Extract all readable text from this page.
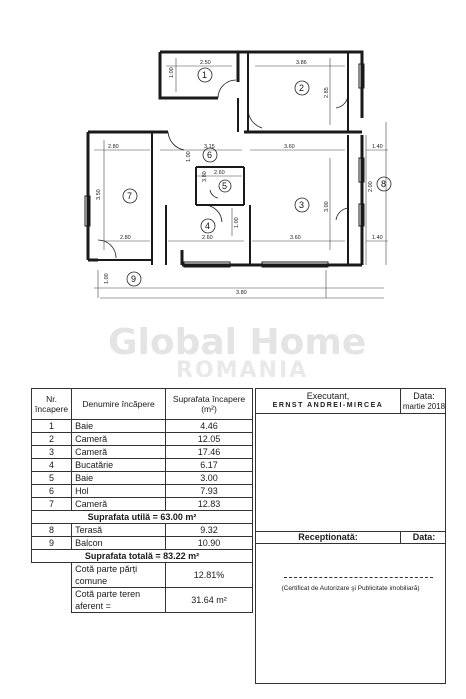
2.50	3.86
1.00
2.85
2.80	3.15	3.60	1.40
1.00
2.60
3.80
3.50
2.80	2.60	3.60	1.40
1.00
3.80
3.00
2.00
1.00
1
2
3
4
5
6
7
8
9
Global Home
ROMANIA
Nr. încapere	Denumire încăpere	Suprafata încapere (m²)
1	Baie	4.46
2	Cameră	12.05
3	Cameră	17.46
4	Bucatărie	6.17
5	Baie	3.00
6	Hol	7.93
7	Cameră	12.83
Suprafata utilă = 63.00 m²		
8	Terasă	9.32
9	Balcon	10.90
Suprafata totală = 83.22 m²		
	Cotă parte părți comune	12.81%
	Cotă parte teren aferent =	31.64 m²
Executant,
ERNST ANDREI-MIRCEA
Data:
martie 2018
Receptionată:	Data:
(Certificat de Autorizare şi Publicitate imobiliară)
